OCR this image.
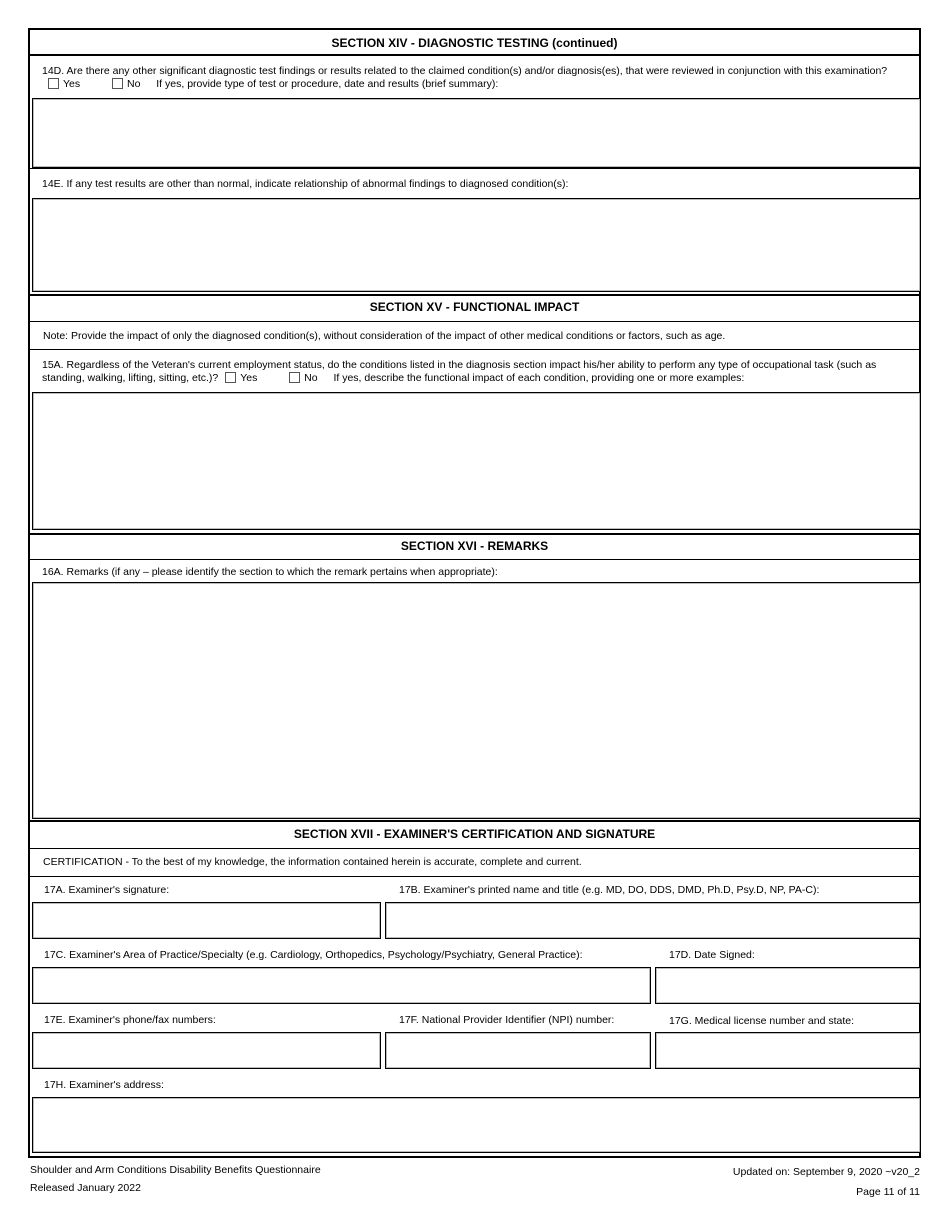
SECTION XIV - DIAGNOSTIC TESTING (continued)
14D. Are there any other significant diagnostic test findings or results related to the claimed condition(s) and/or diagnosis(es), that were reviewed in conjunction with this examination?
Yes	No If yes, provide type of test or procedure, date and results (brief summary):
14E. If any test results are other than normal, indicate relationship of abnormal findings to diagnosed condition(s):
SECTION XV - FUNCTIONAL IMPACT
Note: Provide the impact of only the diagnosed condition(s), without consideration of the impact of other medical conditions or factors, such as age.
15A. Regardless of the Veteran's current employment status, do the conditions listed in the diagnosis section impact his/her ability to perform any type of occupational task (such as
standing, walking, lifting, sitting, etc.)? Yes	No If yes, describe the functional impact of each condition, providing one or more examples:
SECTION XVI - REMARKS
16A. Remarks (if any – please identify the section to which the remark pertains when appropriate):
SECTION XVII - EXAMINER'S CERTIFICATION AND SIGNATURE
CERTIFICATION - To the best of my knowledge, the information contained herein is accurate, complete and current.
17A. Examiner's signature:	17B. Examiner's printed name and title (e.g. MD, DO, DDS, DMD, Ph.D, Psy.D, NP, PA-C):
17C. Examiner's Area of Practice/Specialty (e.g. Cardiology, Orthopedics, Psychology/Psychiatry, General Practice):	17D. Date Signed:
17E. Examiner's phone/fax numbers:	17F. National Provider Identifier (NPI) number:	17G. Medical license number and state:
17H. Examiner's address:
Shoulder and Arm Conditions Disability Benefits Questionnaire
Released January 2022
Updated on: September 9, 2020 ~v20_2
Page 11 of 11
